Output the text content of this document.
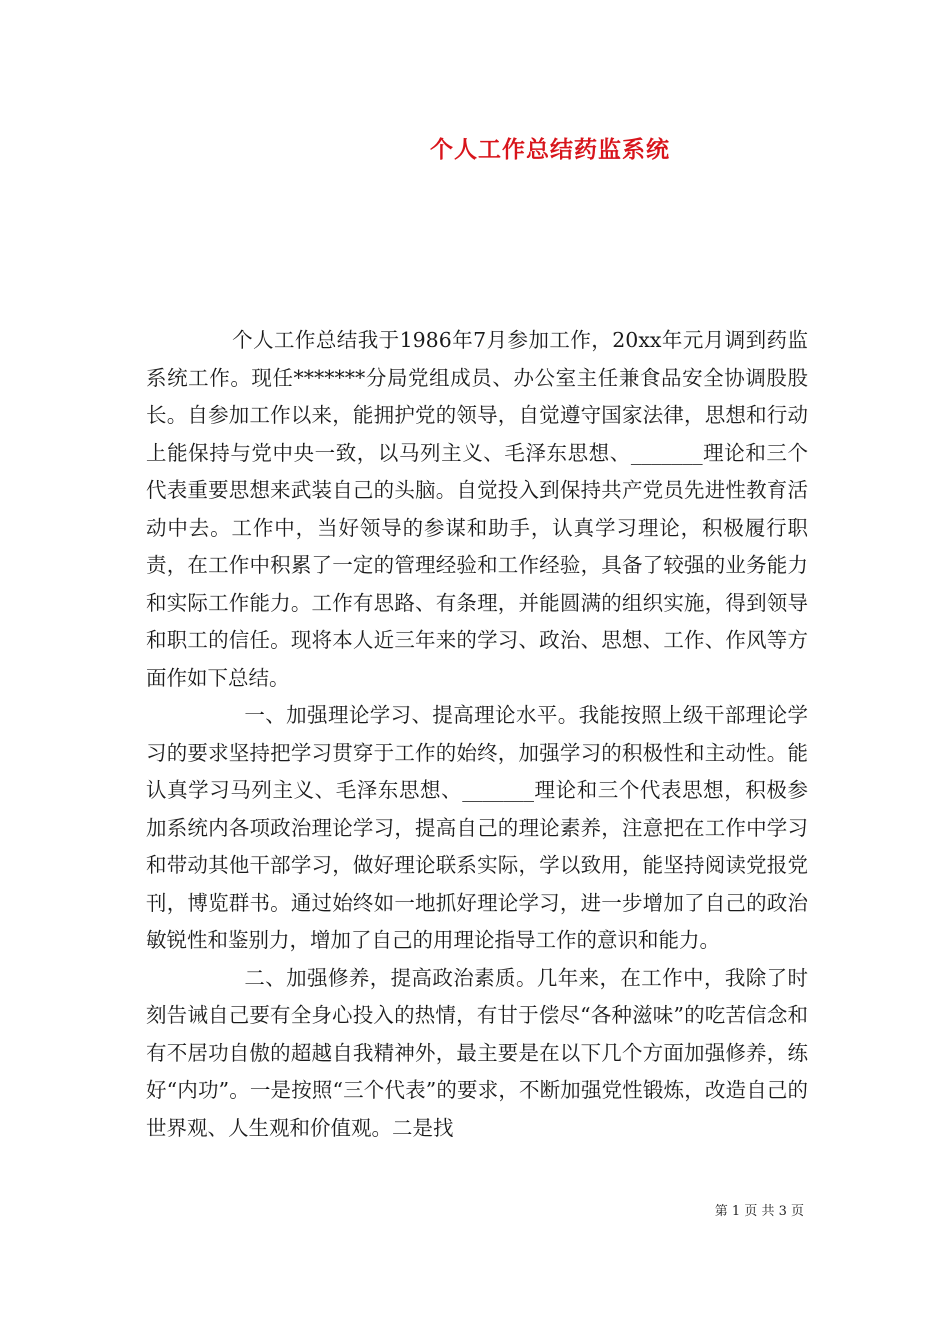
个人工作总结药监系统

个人工作总结我于1986年7月参加工作，20xx年元月调到药监系统工作。现任*******分局党组成员、办公室主任兼食品安全协调股股长。自参加工作以来，能拥护党的领导，自觉遵守国家法律，思想和行动上能保持与党中央一致，以马列主义、毛泽东思想、_______理论和三个代表重要思想来武装自己的头脑。自觉投入到保持共产党员先进性教育活动中去。工作中，当好领导的参谋和助手，认真学习理论，积极履行职责，在工作中积累了一定的管理经验和工作经验，具备了较强的业务能力和实际工作能力。工作有思路、有条理，并能圆满的组织实施，得到领导和职工的信任。现将本人近三年来的学习、政治、思想、工作、作风等方面作如下总结。

一、加强理论学习、提高理论水平。我能按照上级干部理论学习的要求坚持把学习贯穿于工作的始终，加强学习的积极性和主动性。能认真学习马列主义、毛泽东思想、_______理论和三个代表思想，积极参加系统内各项政治理论学习，提高自己的理论素养，注意把在工作中学习和带动其他干部学习，做好理论联系实际，学以致用，能坚持阅读党报党刊，博览群书。通过始终如一地抓好理论学习，进一步增加了自己的政治敏锐性和鉴别力，增加了自己的用理论指导工作的意识和能力。

二、加强修养，提高政治素质。几年来，在工作中，我除了时刻告诫自己要有全身心投入的热情，有甘于偿尽“各种滋味”的吃苦信念和有不居功自傲的超越自我精神外，最主要是在以下几个方面加强修养，练好“内功”。一是按照“三个代表”的要求，不断加强党性锻炼，改造自己的世界观、人生观和价值观。二是找

第 1 页 共 3 页
